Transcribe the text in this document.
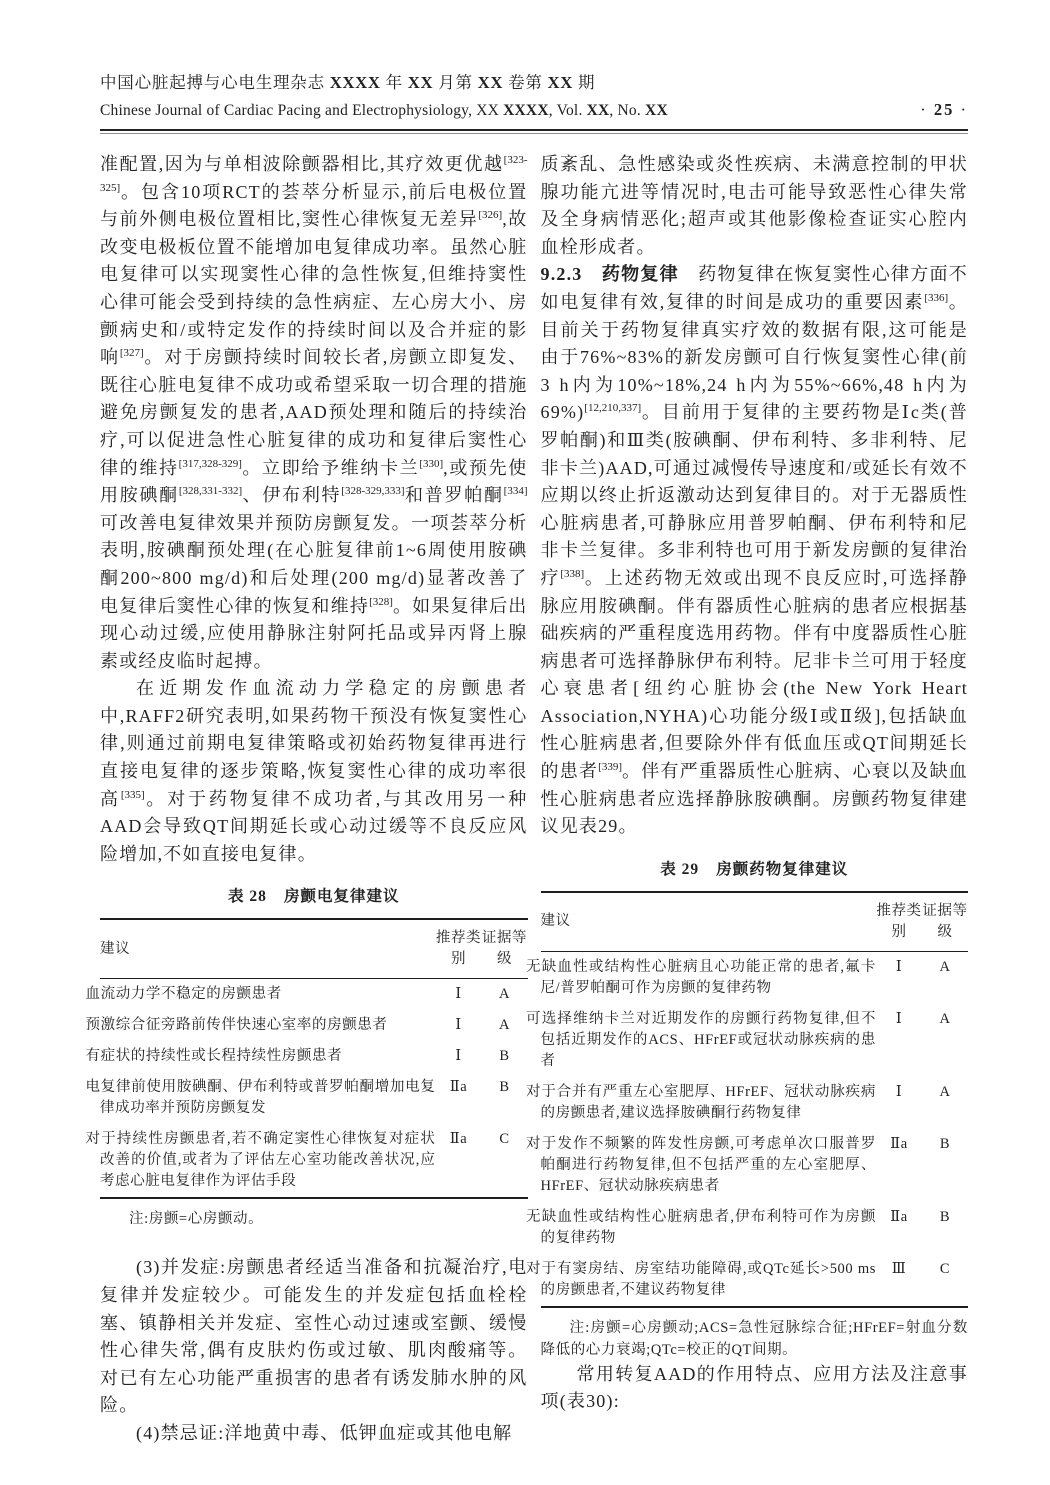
中国心脏起搏与心电生理杂志 XXXX 年 XX 月第 XX 卷第 XX 期
Chinese Journal of Cardiac Pacing and Electrophysiology, XX XXXX, Vol. XX, No. XX	· 25 ·

准配置,因为与单相波除颤器相比,其疗效更优越[323-325]。包含10项RCT的荟萃分析显示,前后电极位置与前外侧电极位置相比,窦性心律恢复无差异[326],故改变电极板位置不能增加电复律成功率。虽然心脏电复律可以实现窦性心律的急性恢复,但维持窦性心律可能会受到持续的急性病症、左心房大小、房颤病史和/或特定发作的持续时间以及合并症的影响[327]。对于房颤持续时间较长者,房颤立即复发、既往心脏电复律不成功或希望采取一切合理的措施避免房颤复发的患者,AAD预处理和随后的持续治疗,可以促进急性心脏复律的成功和复律后窦性心律的维持[317,328-329]。立即给予维纳卡兰[330],或预先使用胺碘酮[328,331-332]、伊布利特[328-329,333]和普罗帕酮[334]可改善电复律效果并预防房颤复发。一项荟萃分析表明,胺碘酮预处理(在心脏复律前1~6周使用胺碘酮200~800 mg/d)和后处理(200 mg/d)显著改善了电复律后窦性心律的恢复和维持[328]。如果复律后出现心动过缓,应使用静脉注射阿托品或异丙肾上腺素或经皮临时起搏。

在近期发作血流动力学稳定的房颤患者中,RAFF2研究表明,如果药物干预没有恢复窦性心律,则通过前期电复律策略或初始药物复律再进行直接电复律的逐步策略,恢复窦性心律的成功率很高[335]。对于药物复律不成功者,与其改用另一种AAD会导致QT间期延长或心动过缓等不良反应风险增加,不如直接电复律。

表 28 房颤电复律建议
建议	推荐类别	证据等级
血流动力学不稳定的房颤患者	Ⅰ	A
预激综合征旁路前传伴快速心室率的房颤患者	Ⅰ	A
有症状的持续性或长程持续性房颤患者	Ⅰ	B
电复律前使用胺碘酮、伊布利特或普罗帕酮增加电复律成功率并预防房颤复发	Ⅱa	B
对于持续性房颤患者,若不确定窦性心律恢复对症状改善的价值,或者为了评估左心室功能改善状况,应考虑心脏电复律作为评估手段	Ⅱa	C

注:房颤=心房颤动。

(3)并发症:房颤患者经适当准备和抗凝治疗,电复律并发症较少。可能发生的并发症包括血栓栓塞、镇静相关并发症、室性心动过速或室颤、缓慢性心律失常,偶有皮肤灼伤或过敏、肌肉酸痛等。对已有左心功能严重损害的患者有诱发肺水肿的风险。

(4)禁忌证:洋地黄中毒、低钾血症或其他电解

质紊乱、急性感染或炎性疾病、未满意控制的甲状腺功能亢进等情况时,电击可能导致恶性心律失常及全身病情恶化;超声或其他影像检查证实心腔内血栓形成者。

9.2.3　药物复律　药物复律在恢复窦性心律方面不如电复律有效,复律的时间是成功的重要因素[336]。目前关于药物复律真实疗效的数据有限,这可能是由于76%~83%的新发房颤可自行恢复窦性心律(前3 h内为10%~18%,24 h内为55%~66%,48 h内为69%)[12,210,337]。目前用于复律的主要药物是Ⅰc类(普罗帕酮)和Ⅲ类(胺碘酮、伊布利特、多非利特、尼非卡兰)AAD,可通过减慢传导速度和/或延长有效不应期以终止折返激动达到复律目的。对于无器质性心脏病患者,可静脉应用普罗帕酮、伊布利特和尼非卡兰复律。多非利特也可用于新发房颤的复律治疗[338]。上述药物无效或出现不良反应时,可选择静脉应用胺碘酮。伴有器质性心脏病的患者应根据基础疾病的严重程度选用药物。伴有中度器质性心脏病患者可选择静脉伊布利特。尼非卡兰可用于轻度心衰患者[纽约心脏协会(the New York Heart Association,NYHA)心功能分级Ⅰ或Ⅱ级],包括缺血性心脏病患者,但要除外伴有低血压或QT间期延长的患者[339]。伴有严重器质性心脏病、心衰以及缺血性心脏病患者应选择静脉胺碘酮。房颤药物复律建议见表29。

表 29 房颤药物复律建议
建议	推荐类别	证据等级
无缺血性或结构性心脏病且心功能正常的患者,氟卡尼/普罗帕酮可作为房颤的复律药物	Ⅰ	A
可选择维纳卡兰对近期发作的房颤行药物复律,但不包括近期发作的ACS、HFrEF或冠状动脉疾病的患者	Ⅰ	A
对于合并有严重左心室肥厚、HFrEF、冠状动脉疾病的房颤患者,建议选择胺碘酮行药物复律	Ⅰ	A
对于发作不频繁的阵发性房颤,可考虑单次口服普罗帕酮进行药物复律,但不包括严重的左心室肥厚、HFrEF、冠状动脉疾病患者	Ⅱa	B
无缺血性或结构性心脏病患者,伊布利特可作为房颤的复律药物	Ⅱa	B
对于有窦房结、房室结功能障碍,或QTc延长>500 ms的房颤患者,不建议药物复律	Ⅲ	C

注:房颤=心房颤动;ACS=急性冠脉综合征;HFrEF=射血分数降低的心力衰竭;QTc=校正的QT间期。

常用转复AAD的作用特点、应用方法及注意事项(表30):
